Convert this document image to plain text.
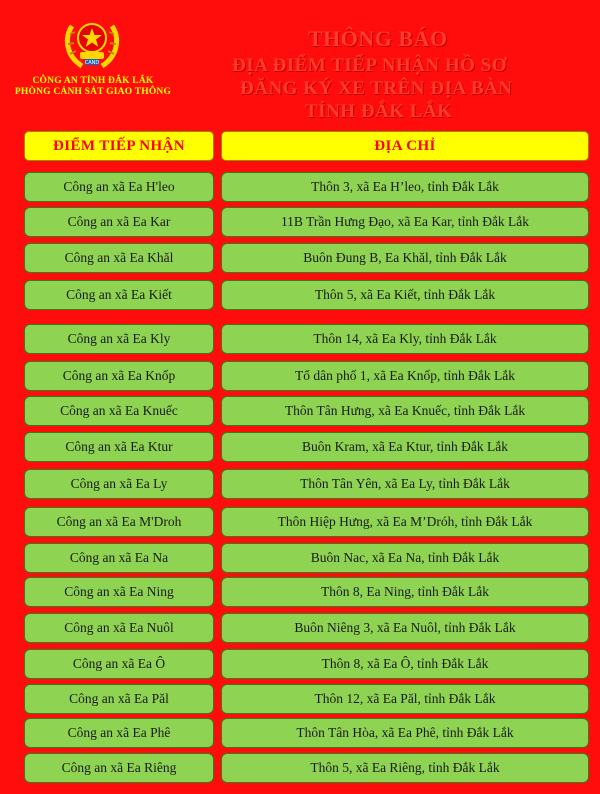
CAND
CÔNG AN TỈNH ĐẮK LẮK
PHÒNG CẢNH SÁT GIAO THÔNG
THÔNG BÁO
ĐỊA ĐIỂM TIẾP NHẬN HỒ SƠ
ĐĂNG KÝ XE TRÊN ĐỊA BÀN
TỈNH ĐẮK LẮK
ĐIỂM TIẾP NHẬN	ĐỊA CHỈ
Công an xã Ea H'leo	Thôn 3, xã Ea H’leo, tỉnh Đắk Lắk
Công an xã Ea Kar	11B Trần Hưng Đạo, xã Ea Kar, tỉnh Đắk Lắk
Công an xã Ea Khăl	Buôn Đung B, Ea Khăl, tỉnh Đắk Lắk
Công an xã Ea Kiết	Thôn 5, xã Ea Kiết, tỉnh Đắk Lắk
Công an xã Ea Kly	Thôn 14, xã Ea Kly, tỉnh Đắk Lắk
Công an xã Ea Knốp	Tổ dân phố 1, xã Ea Knốp, tỉnh Đắk Lắk
Công an xã Ea Knuếc	Thôn Tân Hưng, xã Ea Knuếc, tỉnh Đắk Lắk
Công an xã Ea Ktur	Buôn Kram, xã Ea Ktur, tỉnh Đắk Lắk
Công an xã Ea Ly	Thôn Tân Yên, xã Ea Ly, tỉnh Đắk Lắk
Công an xã Ea M'Droh	Thôn Hiệp Hưng, xã Ea M’Dróh, tỉnh Đắk Lắk
Công an xã Ea Na	Buôn Nac, xã Ea Na, tỉnh Đắk Lắk
Công an xã Ea Ning	Thôn 8, Ea Ning, tỉnh Đắk Lắk
Công an xã Ea Nuôl	Buôn Niêng 3, xã Ea Nuôl, tỉnh Đắk Lắk
Công an xã Ea Ô	Thôn 8, xã Ea Ô, tỉnh Đắk Lắk
Công an xã Ea Păl	Thôn 12, xã Ea Păl, tỉnh Đắk Lắk
Công an xã Ea Phê	Thôn Tân Hòa, xã Ea Phê, tỉnh Đắk Lắk
Công an xã Ea Riêng	Thôn 5, xã Ea Riêng, tỉnh Đắk Lắk
